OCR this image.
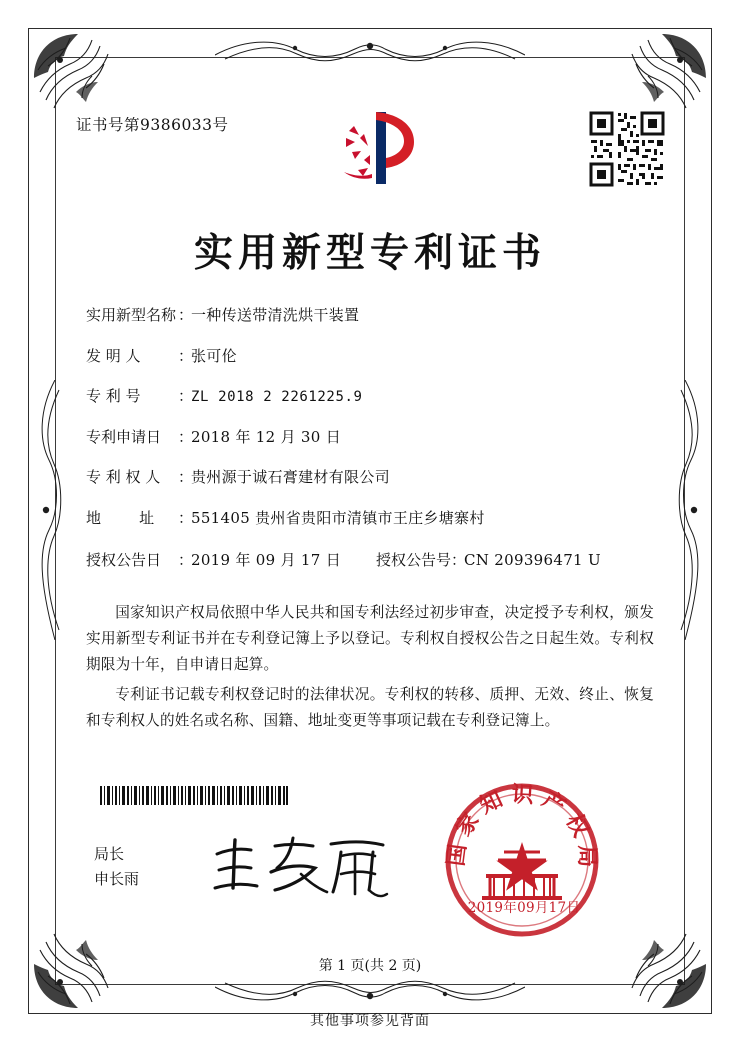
证书号第9386033号
实用新型专利证书
实用新型名称 ：
一种传送带清洗烘干装置
发 明 人	：
张可伦
专 利 号	：
ZL 2018 2 2261225.9
专利申请日	：
2018 年 12 月 30 日
专 利 权 人	：
贵州源于诚石膏建材有限公司
地        址	：
551405 贵州省贵阳市清镇市王庄乡塘寨村
授权公告日	：
2019 年 09 月 17 日	授权公告号 ：
CN 209396471 U

国家知识产权局依照中华人民共和国专利法经过初步审查，决定授予专利权，颁发实用新型专利证书并在专利登记簿上予以登记。专利权自授权公告之日起生效。专利权期限为十年，自申请日起算。

专利证书记载专利权登记时的法律状况。专利权的转移、质押、无效、终止、恢复和专利权人的姓名或名称、国籍、地址变更等事项记载在专利登记簿上。

局长
申长雨
国家知识产权局
2019年09月17日
第 1 页(共 2 页)
其他事项参见背面
